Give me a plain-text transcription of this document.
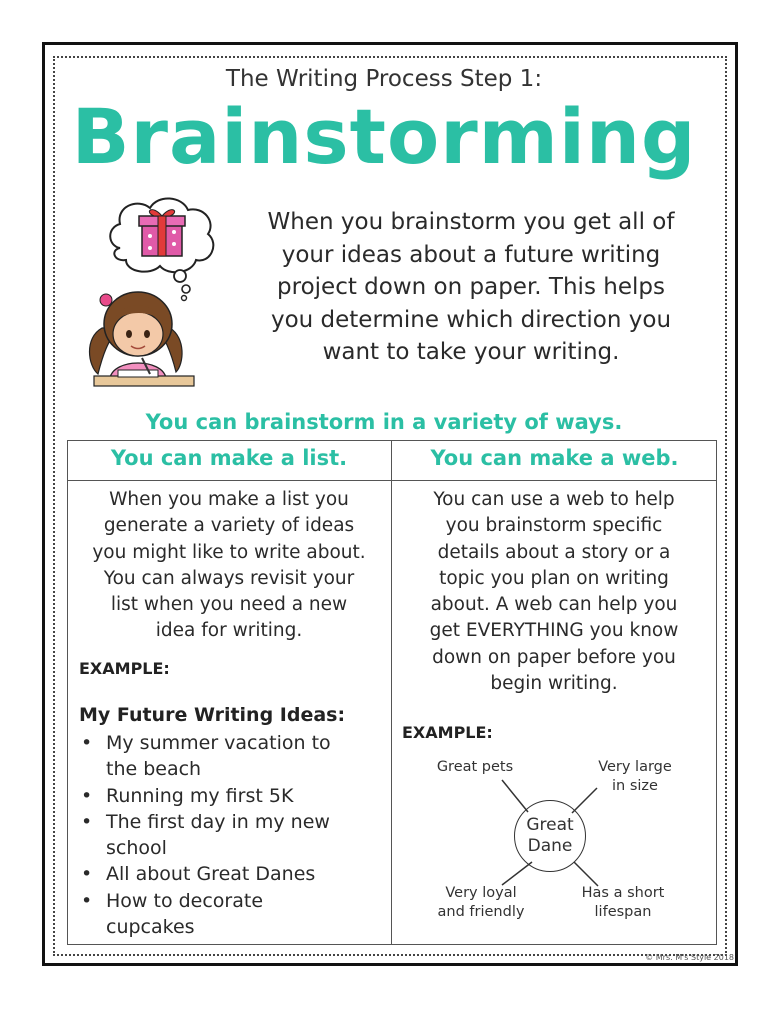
The Writing Process Step 1:
Brainstorming
When you brainstorm you get all of
your ideas about a future writing
project down on paper. This helps
you determine which direction you
want to take your writing.
You can brainstorm in a variety of ways.
You can make a list.	You can make a web.
When you make a list you
generate a variety of ideas
you might like to write about.
You can always revisit your
list when you need a new
idea for writing.
EXAMPLE:
My Future Writing Ideas:
• My summer vacation to
the beach
• Running my first 5K
• The first day in my new
school
• All about Great Danes
• How to decorate
cupcakes
You can use a web to help
you brainstorm specific
details about a story or a
topic you plan on writing
about. A web can help you
get EVERYTHING you know
down on paper before you
begin writing.
EXAMPLE:
Great
Dane
Great pets	Very large
in size
Very loyal
and friendly
Has a short
lifespan
© Mrs. M's Style 2018
